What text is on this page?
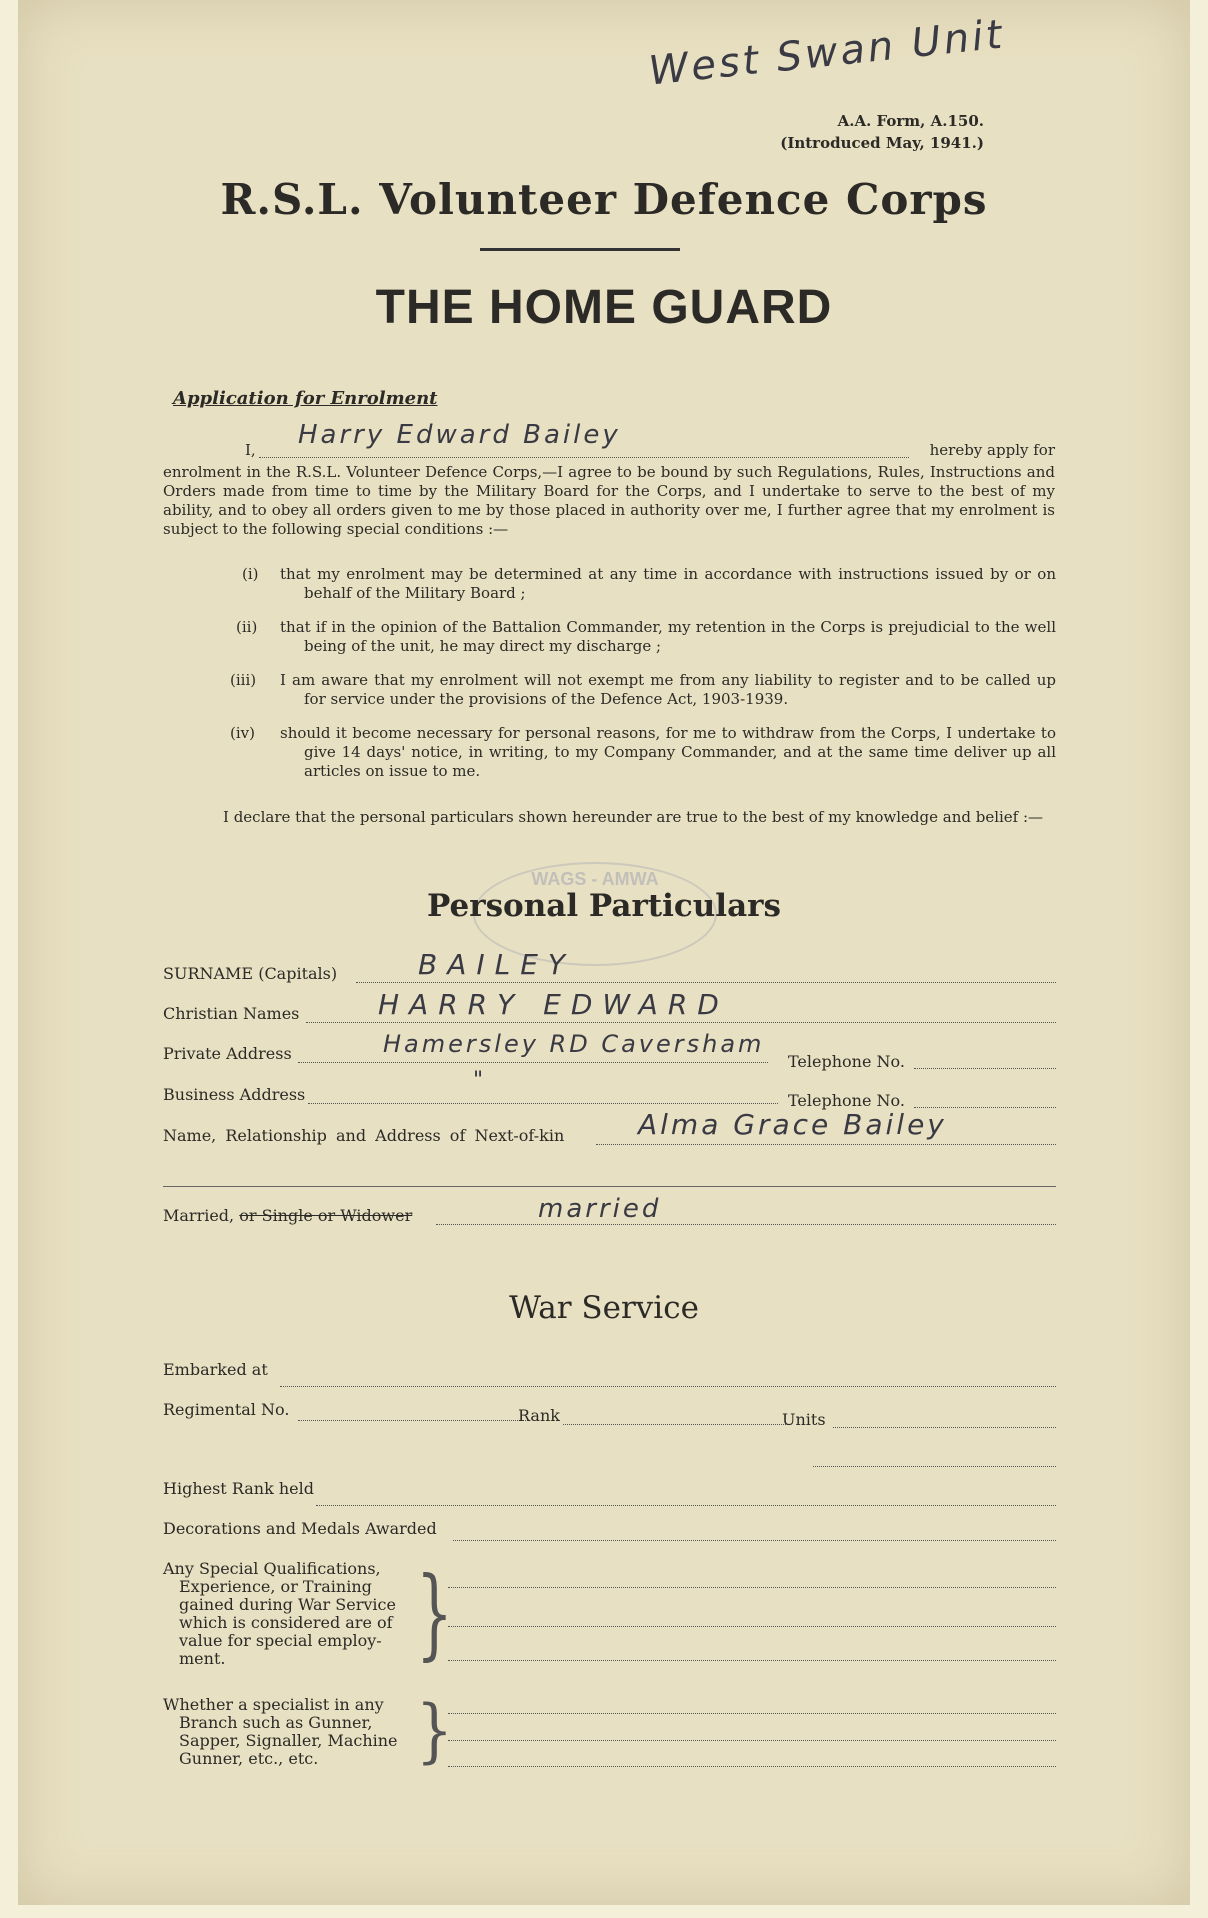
West Swan Unit
A.A. Form, A.150.
(Introduced May, 1941.)
R.S.L. Volunteer Defence Corps
THE HOME GUARD
Application for Enrolment
I, Harry Edward Bailey	hereby apply for
enrolment in the R.S.L. Volunteer Defence Corps,—I agree to be bound by such Regulations, Rules, Instructions and Orders made from time to time by the Military Board for the Corps, and I undertake to serve to the best of my ability, and to obey all orders given to me by those placed in authority over me, I further agree that my enrolment is subject to the following special conditions :—
(i) that my enrolment may be determined at any time in accordance with instructions issued by or on behalf of the Military Board ;
(ii) that if in the opinion of the Battalion Commander, my retention in the Corps is prejudicial to the well being of the unit, he may direct my discharge ;
(iii) I am aware that my enrolment will not exempt me from any liability to register and to be called up for service under the provisions of the Defence Act, 1903-1939.
(iv) should it become necessary for personal reasons, for me to withdraw from the Corps, I undertake to give 14 days' notice, in writing, to my Company Commander, and at the same time deliver up all articles on issue to me.
I declare that the personal particulars shown hereunder are true to the best of my knowledge and belief :—
WAGS - AMWA
Personal Particulars
SURNAME (Capitals)	BAILEY
Christian Names	HARRY EDWARD
Private Address	Hamersley RD Caversham
Telephone No.
Business Address
"
Telephone No.
Name, Relationship and Address of Next-of-kin	Alma Grace Bailey
Married, or Single or Widower	married
War Service
Embarked at
Regimental No.	Rank	Units
Highest Rank held
Decorations and Medals Awarded
Any Special Qualifications,
Experience, or Training
gained during War Service
which is considered are of
value for special employ-
ment.	}
Whether a specialist in any
Branch such as Gunner,
Sapper, Signaller, Machine
Gunner, etc., etc.	}
